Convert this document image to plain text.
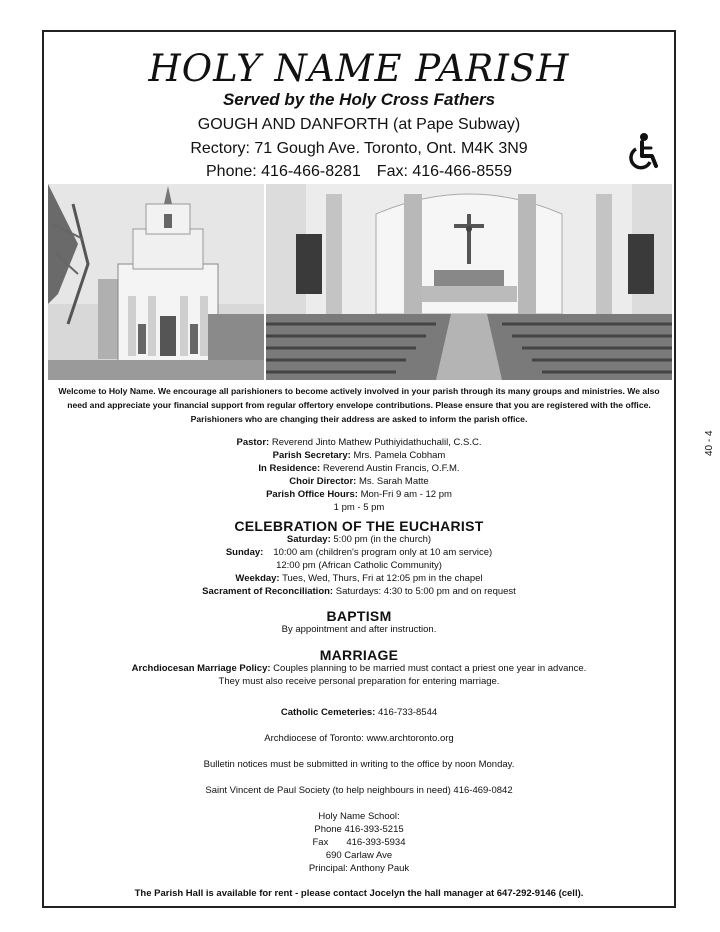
HOLY NAME PARISH
Served by the Holy Cross Fathers
GOUGH AND DANFORTH (at Pape Subway)
Rectory: 71 Gough Ave. Toronto, Ont. M4K 3N9
Phone: 416-466-8281 Fax: 416-466-8559
Welcome to Holy Name. We encourage all parishioners to become actively involved in your parish through its many groups and ministries. We also need and appreciate your financial support from regular offertory envelope contributions. Please ensure that you are registered with the office. Parishioners who are changing their address are asked to inform the parish office.
Pastor: Reverend Jinto Mathew Puthiyidathuchalil, C.S.C.
Parish Secretary: Mrs. Pamela Cobham
In Residence: Reverend Austin Francis, O.F.M.
Choir Director: Ms. Sarah Matte
Parish Office Hours: Mon-Fri 9 am - 12 pm
1 pm - 5 pm
CELEBRATION OF THE EUCHARIST
Saturday: 5:00 pm (in the church)
Sunday: 10:00 am (children's program only at 10 am service)
12:00 pm (African Catholic Community)
Weekday: Tues, Wed, Thurs, Fri at 12:05 pm in the chapel
Sacrament of Reconciliation: Saturdays: 4:30 to 5:00 pm and on request
BAPTISM
By appointment and after instruction.
MARRIAGE
Archdiocesan Marriage Policy: Couples planning to be married must contact a priest one year in advance.
They must also receive personal preparation for entering marriage.
Catholic Cemeteries: 416-733-8544
Archdiocese of Toronto: www.archtoronto.org
Bulletin notices must be submitted in writing to the office by noon Monday.
Saint Vincent de Paul Society (to help neighbours in need) 416-469-0842
Holy Name School:
Phone 416-393-5215
Fax 416-393-5934
690 Carlaw Ave
Principal: Anthony Pauk
The Parish Hall is available for rent - please contact Jocelyn the hall manager at 647-292-9146 (cell).
40 - 4
